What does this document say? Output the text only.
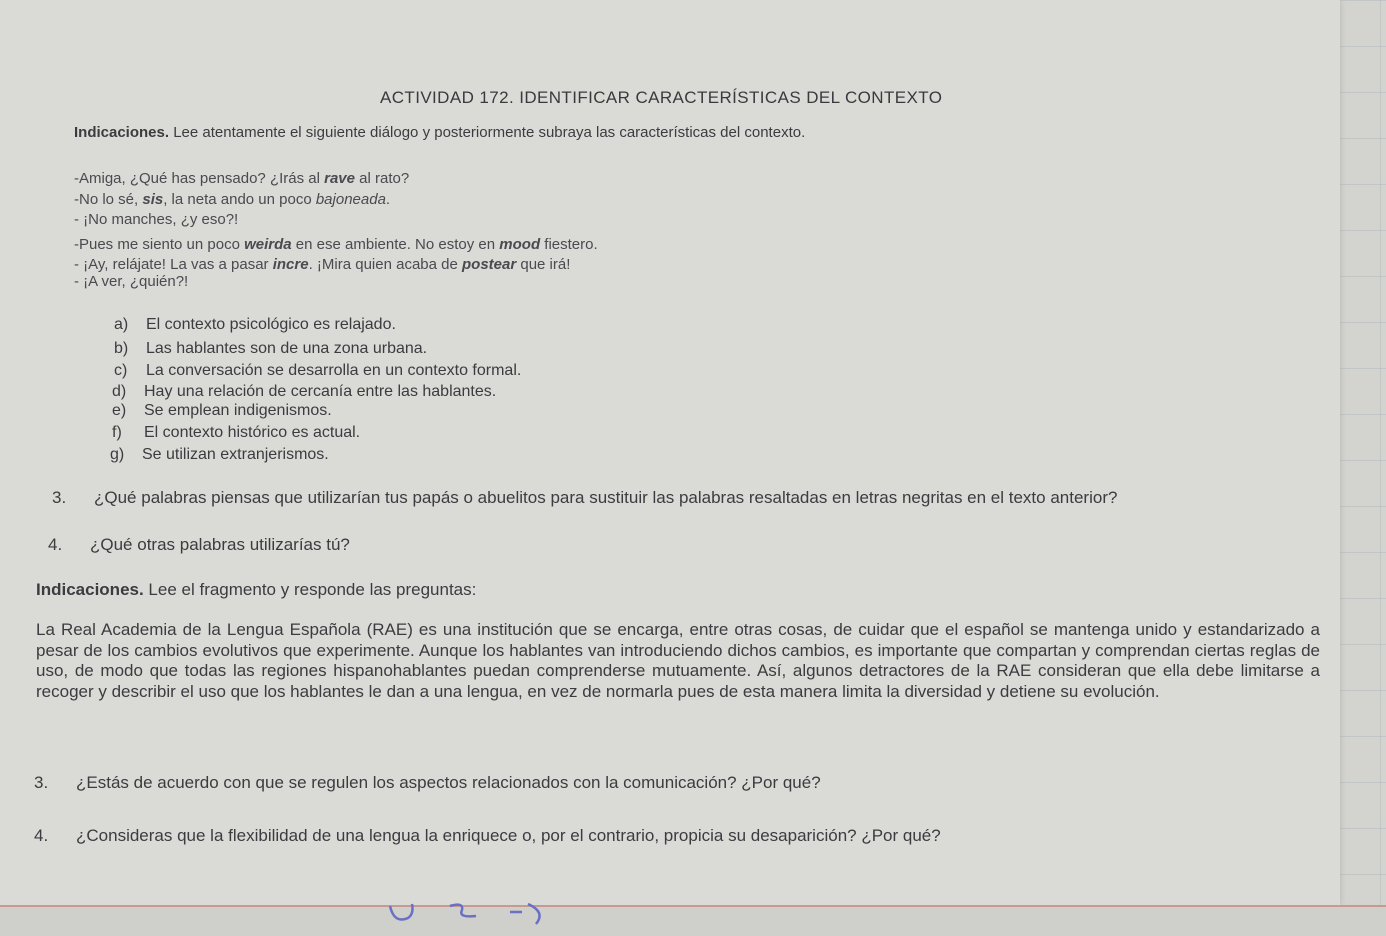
ACTIVIDAD 172. IDENTIFICAR CARACTERÍSTICAS DEL CONTEXTO
Indicaciones. Lee atentamente el siguiente diálogo y posteriormente subraya las características del contexto.
-Amiga, ¿Qué has pensado? ¿Irás al rave al rato?
-No lo sé, sis, la neta ando un poco bajoneada.
- ¡No manches, ¿y eso?!
-Pues me siento un poco weirda en ese ambiente. No estoy en mood fiestero.
- ¡Ay, relájate! La vas a pasar incre. ¡Mira quien acaba de postear que irá!
- ¡A ver, ¿quién?!
a) El contexto psicológico es relajado.
b) Las hablantes son de una zona urbana.
c) La conversación se desarrolla en un contexto formal.
d) Hay una relación de cercanía entre las hablantes.
e) Se emplean indigenismos.
f) El contexto histórico es actual.
g) Se utilizan extranjerismos.
3. ¿Qué palabras piensas que utilizarían tus papás o abuelitos para sustituir las palabras resaltadas en letras negritas en el texto anterior?
4. ¿Qué otras palabras utilizarías tú?
Indicaciones. Lee el fragmento y responde las preguntas:
La Real Academia de la Lengua Española (RAE) es una institución que se encarga, entre otras cosas, de cuidar que el español se mantenga unido y estandarizado a pesar de los cambios evolutivos que experimente. Aunque los hablantes van introduciendo dichos cambios, es importante que compartan y comprendan ciertas reglas de uso, de modo que todas las regiones hispanohablantes puedan comprenderse mutuamente. Así, algunos detractores de la RAE consideran que ella debe limitarse a recoger y describir el uso que los hablantes le dan a una lengua, en vez de normarla pues de esta manera limita la diversidad y detiene su evolución.
3. ¿Estás de acuerdo con que se regulen los aspectos relacionados con la comunicación? ¿Por qué?
4. ¿Consideras que la flexibilidad de una lengua la enriquece o, por el contrario, propicia su desaparición? ¿Por qué?
